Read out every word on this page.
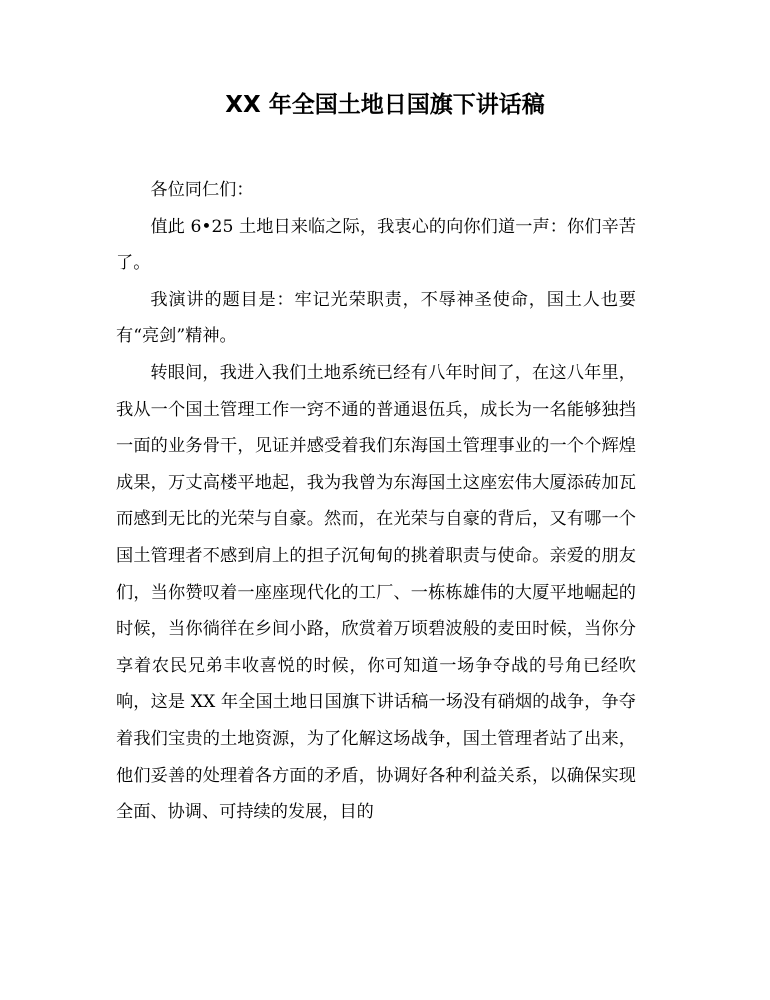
XX 年全国土地日国旗下讲话稿

各位同仁们：

值此 6•25 土地日来临之际，我衷心的向你们道一声：你们辛苦了。

我演讲的题目是：牢记光荣职责，不辱神圣使命，国土人也要有“亮剑”精神。

转眼间，我进入我们土地系统已经有八年时间了，在这八年里，我从一个国土管理工作一窍不通的普通退伍兵，成长为一名能够独挡一面的业务骨干，见证并感受着我们东海国土管理事业的一个个辉煌成果，万丈高楼平地起，我为我曾为东海国土这座宏伟大厦添砖加瓦而感到无比的光荣与自豪。然而，在光荣与自豪的背后，又有哪一个国土管理者不感到肩上的担子沉甸甸的挑着职责与使命。亲爱的朋友们，当你赞叹着一座座现代化的工厂、一栋栋雄伟的大厦平地崛起的时候，当你徜徉在乡间小路，欣赏着万顷碧波般的麦田时候，当你分享着农民兄弟丰收喜悦的时候，你可知道一场争夺战的号角已经吹响，这是 XX 年全国土地日国旗下讲话稿一场没有硝烟的战争，争夺着我们宝贵的土地资源，为了化解这场战争，国土管理者站了出来，他们妥善的处理着各方面的矛盾，协调好各种利益关系，以确保实现全面、协调、可持续的发展，目的
